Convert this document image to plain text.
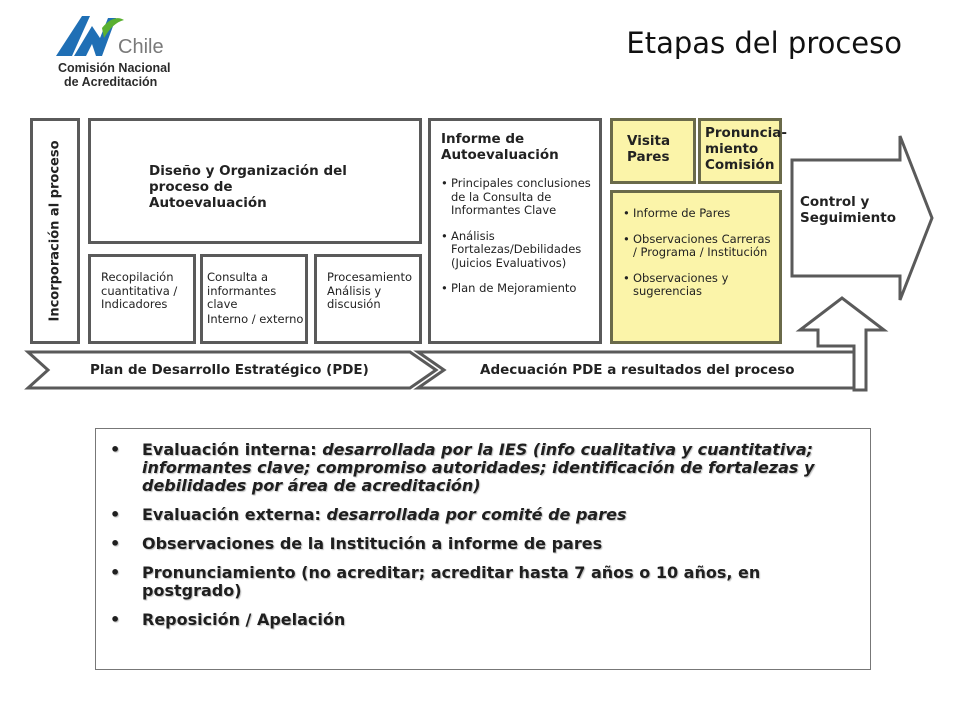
Chile
Comisión Nacional
de Acreditación
Etapas del proceso
Incorporación al proceso	Diseño y Organización del proceso de Autoevaluación
Recopilación cuantitativa / Indicadores
Consulta a informantes clave
Interno / externo
Procesamiento Análisis y discusión
Informe de Autoevaluación
• Principales conclusiones de la Consulta de Informantes Clave
• Análisis Fortalezas/Debilidades (Juicios Evaluativos)
• Plan de Mejoramiento
Visita Pares
Pronuncia-miento Comisión
• Informe de Pares
• Observaciones Carreras / Programa / Institución
• Observaciones y sugerencias
Control y Seguimiento
Plan de Desarrollo Estratégico (PDE)	Adecuación PDE a resultados del proceso
• Evaluación interna: desarrollada por la IES (info cualitativa y cuantitativa; informantes clave; compromiso autoridades; identificación de fortalezas y debilidades por área de acreditación)
• Evaluación externa: desarrollada por comité de pares
• Observaciones de la Institución a informe de pares
• Pronunciamiento (no acreditar; acreditar hasta 7 años o 10 años, en postgrado)
• Reposición / Apelación
